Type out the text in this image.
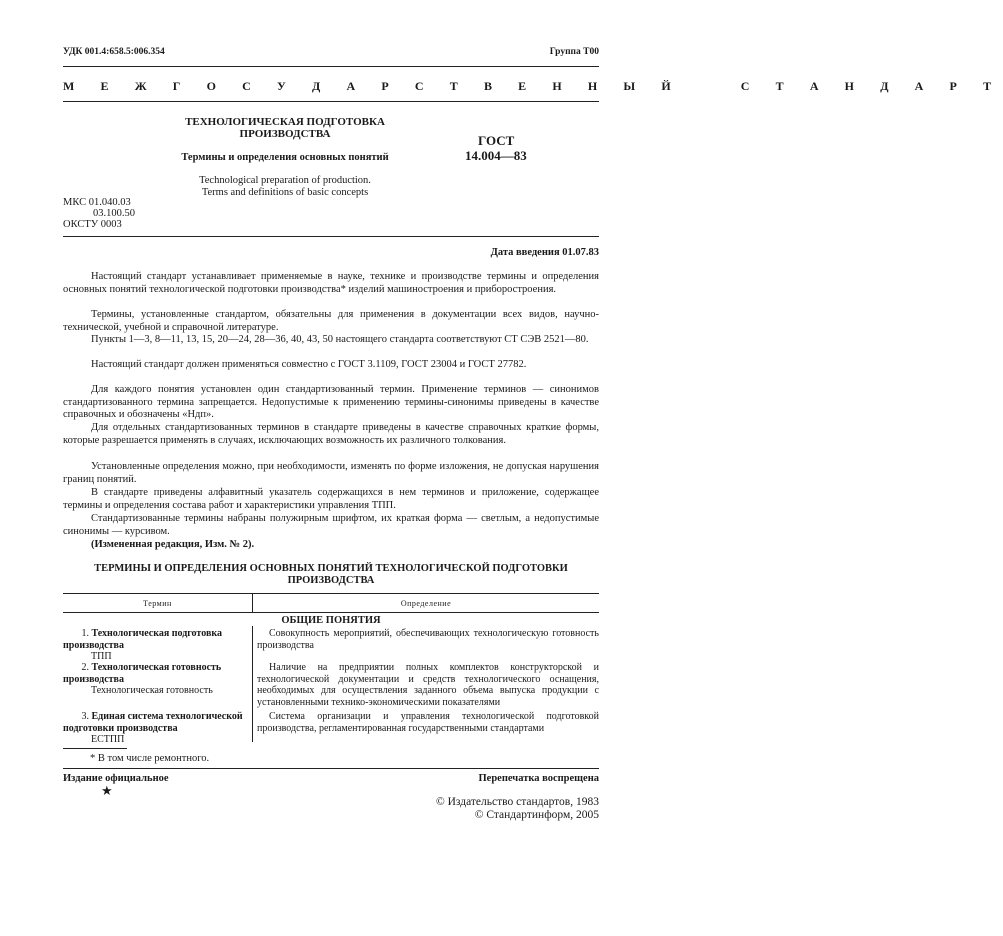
УДК 001.4:658.5:006.354	Группа Т00
М Е Ж Г О С У Д А Р С Т В Е Н Н Ы Й    С Т А Н Д А Р Т
ТЕХНОЛОГИЧЕСКАЯ ПОДГОТОВКА
ПРОИЗВОДСТВА
Термины и определения основных понятий
Technological preparation of production.
Terms and definitions of basic concepts
ГОСТ
14.004—83
МКС 01.040.03
03.100.50
ОКСТУ 0003
Дата введения 01.07.83

Настоящий стандарт устанавливает применяемые в науке, технике и производстве термины и определения основных понятий технологической подготовки производства* изделий машиностроения и приборостроения.

Термины, установленные стандартом, обязательны для применения в документации всех видов, научно-технической, учебной и справочной литературе.

Пункты 1—3, 8—11, 13, 15, 20—24, 28—36, 40, 43, 50 настоящего стандарта соответствуют СТ СЭВ 2521—80.

Настоящий стандарт должен применяться совместно с ГОСТ 3.1109, ГОСТ 23004 и ГОСТ 27782.

Для каждого понятия установлен один стандартизованный термин. Применение терминов — синонимов стандартизованного термина запрещается. Недопустимые к применению термины-синонимы приведены в качестве справочных и обозначены «Ндп».

Для отдельных стандартизованных терминов в стандарте приведены в качестве справочных краткие формы, которые разрешается применять в случаях, исключающих возможность их различного толкования.

Установленные определения можно, при необходимости, изменять по форме изложения, не допуская нарушения границ понятий.

В стандарте приведены алфавитный указатель содержащихся в нем терминов и приложение, содержащее термины и определения состава работ и характеристики управления ТПП.

Стандартизованные термины набраны полужирным шрифтом, их краткая форма — светлым, а недопустимые синонимы — курсивом.

(Измененная редакция, Изм. № 2).

ТЕРМИНЫ И ОПРЕДЕЛЕНИЯ ОСНОВНЫХ ПОНЯТИЙ ТЕХНОЛОГИЧЕСКОЙ ПОДГОТОВКИ
ПРОИЗВОДСТВА
Термин	Определение
ОБЩИЕ ПОНЯТИЯ
1. Технологическая подготовка производства
ТПП
Совокупность мероприятий, обеспечивающих технологическую готовность производства
2. Технологическая готовность производства
Технологическая готовность
Наличие на предприятии полных комплектов конструкторской и технологической документации и средств технологического оснащения, необходимых для осуществления заданного объема выпуска продукции с установленными технико-экономическими показателями
3. Единая система технологической подготовки производства
ЕСТПП
Система организации и управления технологической подготовкой производства, регламентированная государственными стандартами
* В том числе ремонтного.
Издание официальное
★
Перепечатка воспрещена
© Издательство стандартов, 1983
© Стандартинформ, 2005
